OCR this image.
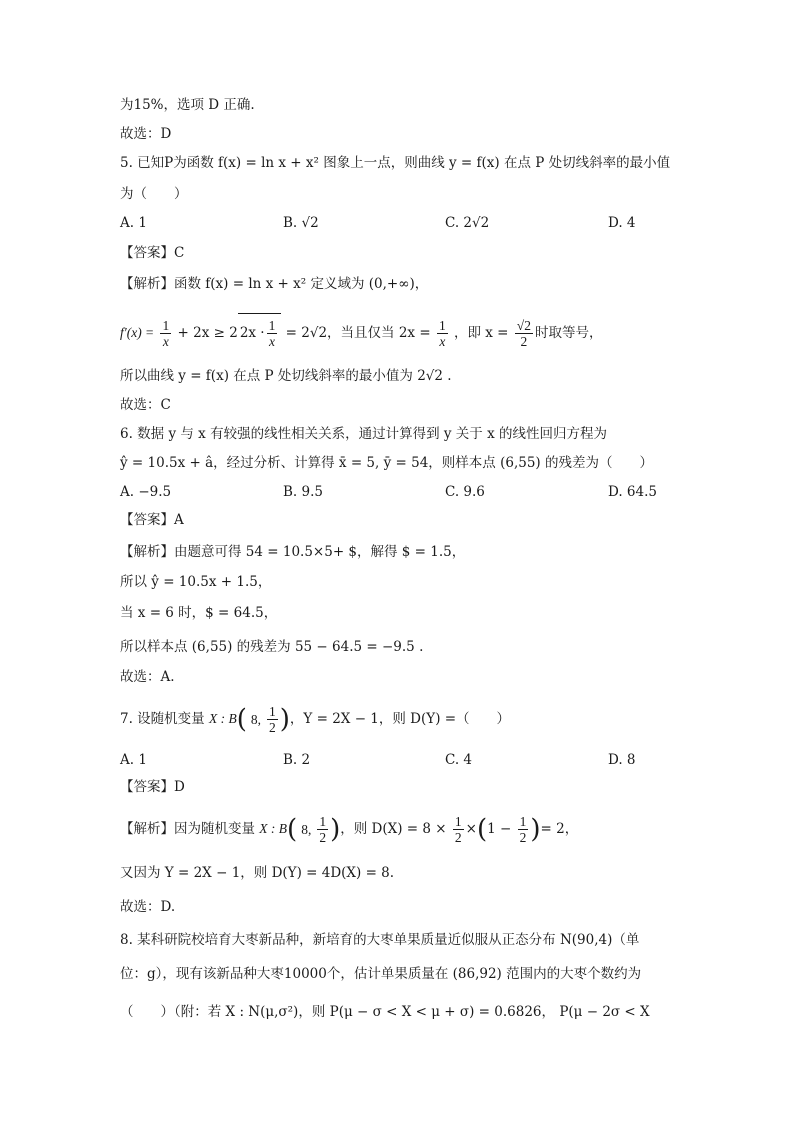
为15%，选项 D 正确.
故选：D
5. 已知P为函数 f(x) = ln x + x² 图象上一点，则曲线 y = f(x) 在点 P 处切线斜率的最小值
为（　　）
A. 1	B. √2	C. 2√2	D. 4
【答案】C
【解析】函数 f(x) = ln x + x² 定义域为 (0,+∞)，
$f'(x) = \frac{1}{x} + 2x \ge 2$ $2x \cdot \frac{1}{x} = 2√2$，当且仅当 $2x = \frac{1}{x}$ ，即 $x = \frac{√2}{2}$ 时取等号，
所以曲线 y = f(x) 在点 P 处切线斜率的最小值为 2√2 .
故选：C
6. 数据 y 与 x 有较强的线性相关关系，通过计算得到 y 关于 x 的线性回归方程为
ŷ = 10.5x + â，经过分析、计算得 x̄ = 5, ȳ = 54，则样本点 (6,55) 的残差为（　　）
A. −9.5	B. 9.5	C. 9.6	D. 64.5
【答案】A
【解析】由题意可得 54 = 10.5×5+ $，解得 $ = 1.5，
所以 ŷ = 10.5x + 1.5，
当 x = 6 时，$ = 64.5，
所以样本点 (6,55) 的残差为 55 − 64.5 = −9.5 .
故选：A.
7. 设随机变量 X : B( 8, $\frac{1}{2}$ )，Y = 2X − 1，则 D(Y) =（　　）
A. 1	B. 2	C. 4	D. 8
【答案】D
【解析】因为随机变量 X : B( 8, $\frac{1}{2}$ )，则 $D(X) = 8 \times \frac{1}{2} \times(1 - \frac{1}{2}$ )= 2，
又因为 Y = 2X − 1，则 D(Y) = 4D(X) = 8.
故选：D.
8. 某科研院校培育大枣新品种，新培育的大枣单果质量近似服从正态分布 N(90,4)（单
位：g），现有该新品种大枣10000个，估计单果质量在 (86,92) 范围内的大枣个数约为
（　　）（附：若 X : N(μ,σ²)，则 P(μ − σ < X < μ + σ) = 0.6826， P(μ − 2σ < X
